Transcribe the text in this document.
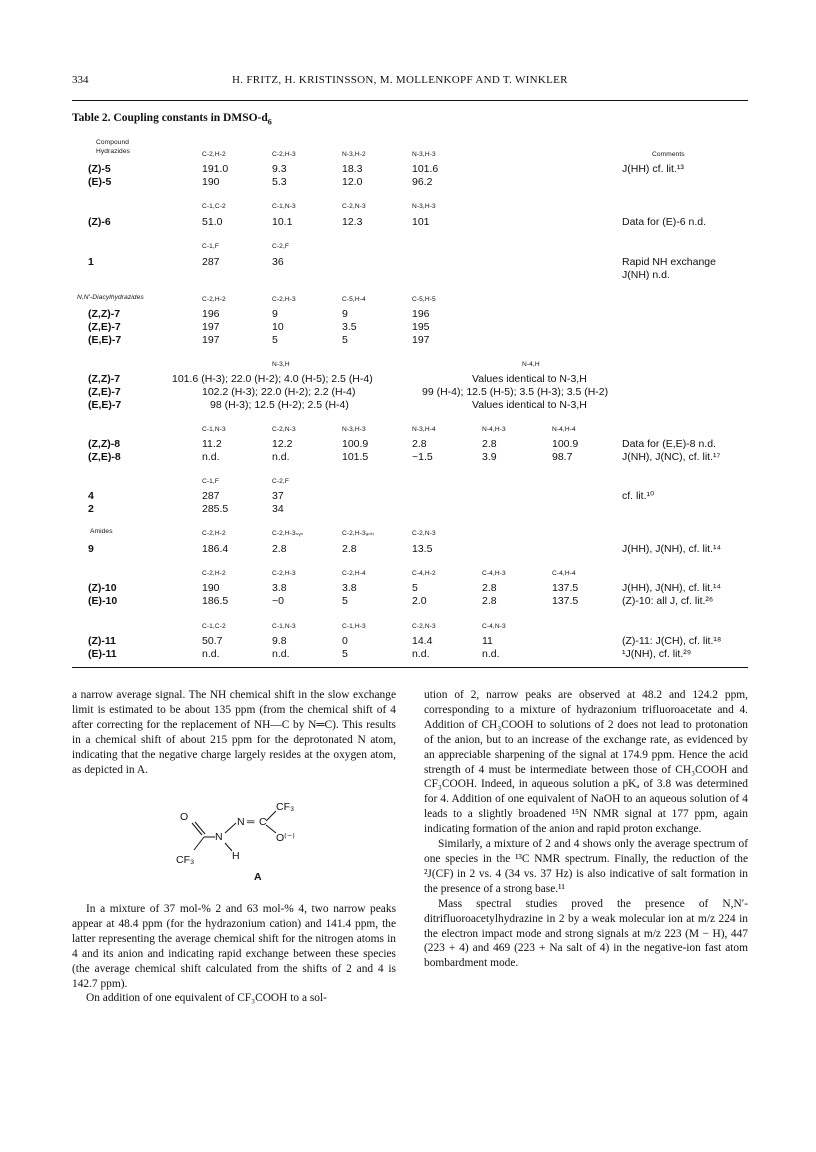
334	H. FRITZ, H. KRISTINSSON, M. MOLLENKOPF AND T. WINKLER
Table 2. Coupling constants in DMSO-$d_6$
Compound
Hydrazides
N,N′-Diacylhydrazides
Amides
C-2,H-2	C-2,H-3	N-3,H-2	N-3,H-3	Comments
(Z)-5	191.0	9.3	18.3	101.6	J(HH) cf. lit.¹³
(E)-5	190	5.3	12.0	96.2
C-1,C-2	C-1,N-3	C-2,N-3	N-3,H-3
(Z)-6	51.0	10.1	12.3	101	Data for (E)-6 n.d.
C-1,F	C-2,F
1	287	36	Rapid NH exchange
J(NH) n.d.
C-2,H-2	C-2,H-3	C-5,H-4	C-5,H-5
(Z,Z)-7	196	9	9	196
(Z,E)-7	197	10	3.5	195
(E,E)-7	197	5	5	197
N-3,H	N-4,H
(Z,Z)-7	101.6 (H-3); 22.0 (H-2); 4.0 (H-5); 2.5 (H-4)	Values identical to N-3,H
(Z,E)-7	102.2 (H-3); 22.0 (H-2); 2.2 (H-4)	99 (H-4); 12.5 (H-5); 3.5 (H-3); 3.5 (H-2)
(E,E)-7	98 (H-3); 12.5 (H-2); 2.5 (H-4)	Values identical to N-3,H
C-1,N-3	C-2,N-3	N-3,H-3	N-3,H-4	N-4,H-3	N-4,H-4
(Z,Z)-8	11.2	12.2	100.9	2.8	2.8	100.9	Data for (E,E)-8 n.d.
(Z,E)-8	n.d.	n.d.	101.5	~1.5	3.9	98.7	J(NH), J(NC), cf. lit.¹⁷
C-1,F	C-2,F
4	287	37	cf. lit.¹⁰
2	285.5	34
C-2,H-2	C-2,H-3ₛᵧₙ	C-2,H-3ₐₙₜᵢ	C-2,N-3
9	186.4	2.8	2.8	13.5	J(HH), J(NH), cf. lit.¹⁴
C-2,H-2	C-2,H-3	C-2,H-4	C-4,H-2	C-4,H-3	C-4,H-4
(Z)-10	190	3.8	3.8	5	2.8	137.5	J(HH), J(NH), cf. lit.¹⁴
(E)-10	186.5	~0	5	2.0	2.8	137.5	(Z)-10: all J, cf. lit.²⁶
C-1,C-2	C-1,N-3	C-1,H-3	C-2,N-3	C-4,N-3
(Z)-11	50.7	9.8	0	14.4	11	(Z)-11: J(CH), cf. lit.¹⁸
(E)-11	n.d.	n.d.	5	n.d.	n.d.	¹J(NH), cf. lit.²⁹

a narrow average signal. The NH chemical shift in the slow exchange limit is estimated to be about 135 ppm (from the chemical shift of 4 after correcting for the replacement of NH—C by N═C). This results in a chemical shift of about 215 ppm for the deprotonated N atom, indicating that the negative charge largely resides at the oxygen atom, as depicted in A.

O
N
N ═ C
CF₃
O⁽⁻⁾
H
CF₃
A

In a mixture of 37 mol-% 2 and 63 mol-% 4, two narrow peaks appear at 48.4 ppm (for the hydrazonium cation) and 141.4 ppm, the latter representing the average chemical shift for the nitrogen atoms in 4 and its anion and indicating rapid exchange between these species (the average chemical shift calculated from the shifts of 2 and 4 is 142.7 ppm).

On addition of one equivalent of CF₃COOH to a sol-

ution of 2, narrow peaks are observed at 48.2 and 124.2 ppm, corresponding to a mixture of hydrazonium trifluoroacetate and 4. Addition of CH₃COOH to solutions of 2 does not lead to protonation of the anion, but to an increase of the exchange rate, as evidenced by an appreciable sharpening of the signal at 174.9 ppm. Hence the acid strength of 4 must be intermediate between those of CH₃COOH and CF₃COOH. Indeed, in aqueous solution a pKₐ of 3.8 was determined for 4. Addition of one equivalent of NaOH to an aqueous solution of 4 leads to a slightly broadened ¹⁵N NMR signal at 177 ppm, again indicating formation of the anion and rapid proton exchange.

Similarly, a mixture of 2 and 4 shows only the average spectrum of one species in the ¹³C NMR spectrum. Finally, the reduction of the ²J(CF) in 2 vs. 4 (34 vs. 37 Hz) is also indicative of salt formation in the presence of a strong base.¹¹

Mass spectral studies proved the presence of N,N′-ditrifluoroacetylhydrazine in 2 by a weak molecular ion at m/z 224 in the electron impact mode and strong signals at m/z 223 (M − H), 447 (223 + 4) and 469 (223 + Na salt of 4) in the negative-ion fast atom bombardment mode.
